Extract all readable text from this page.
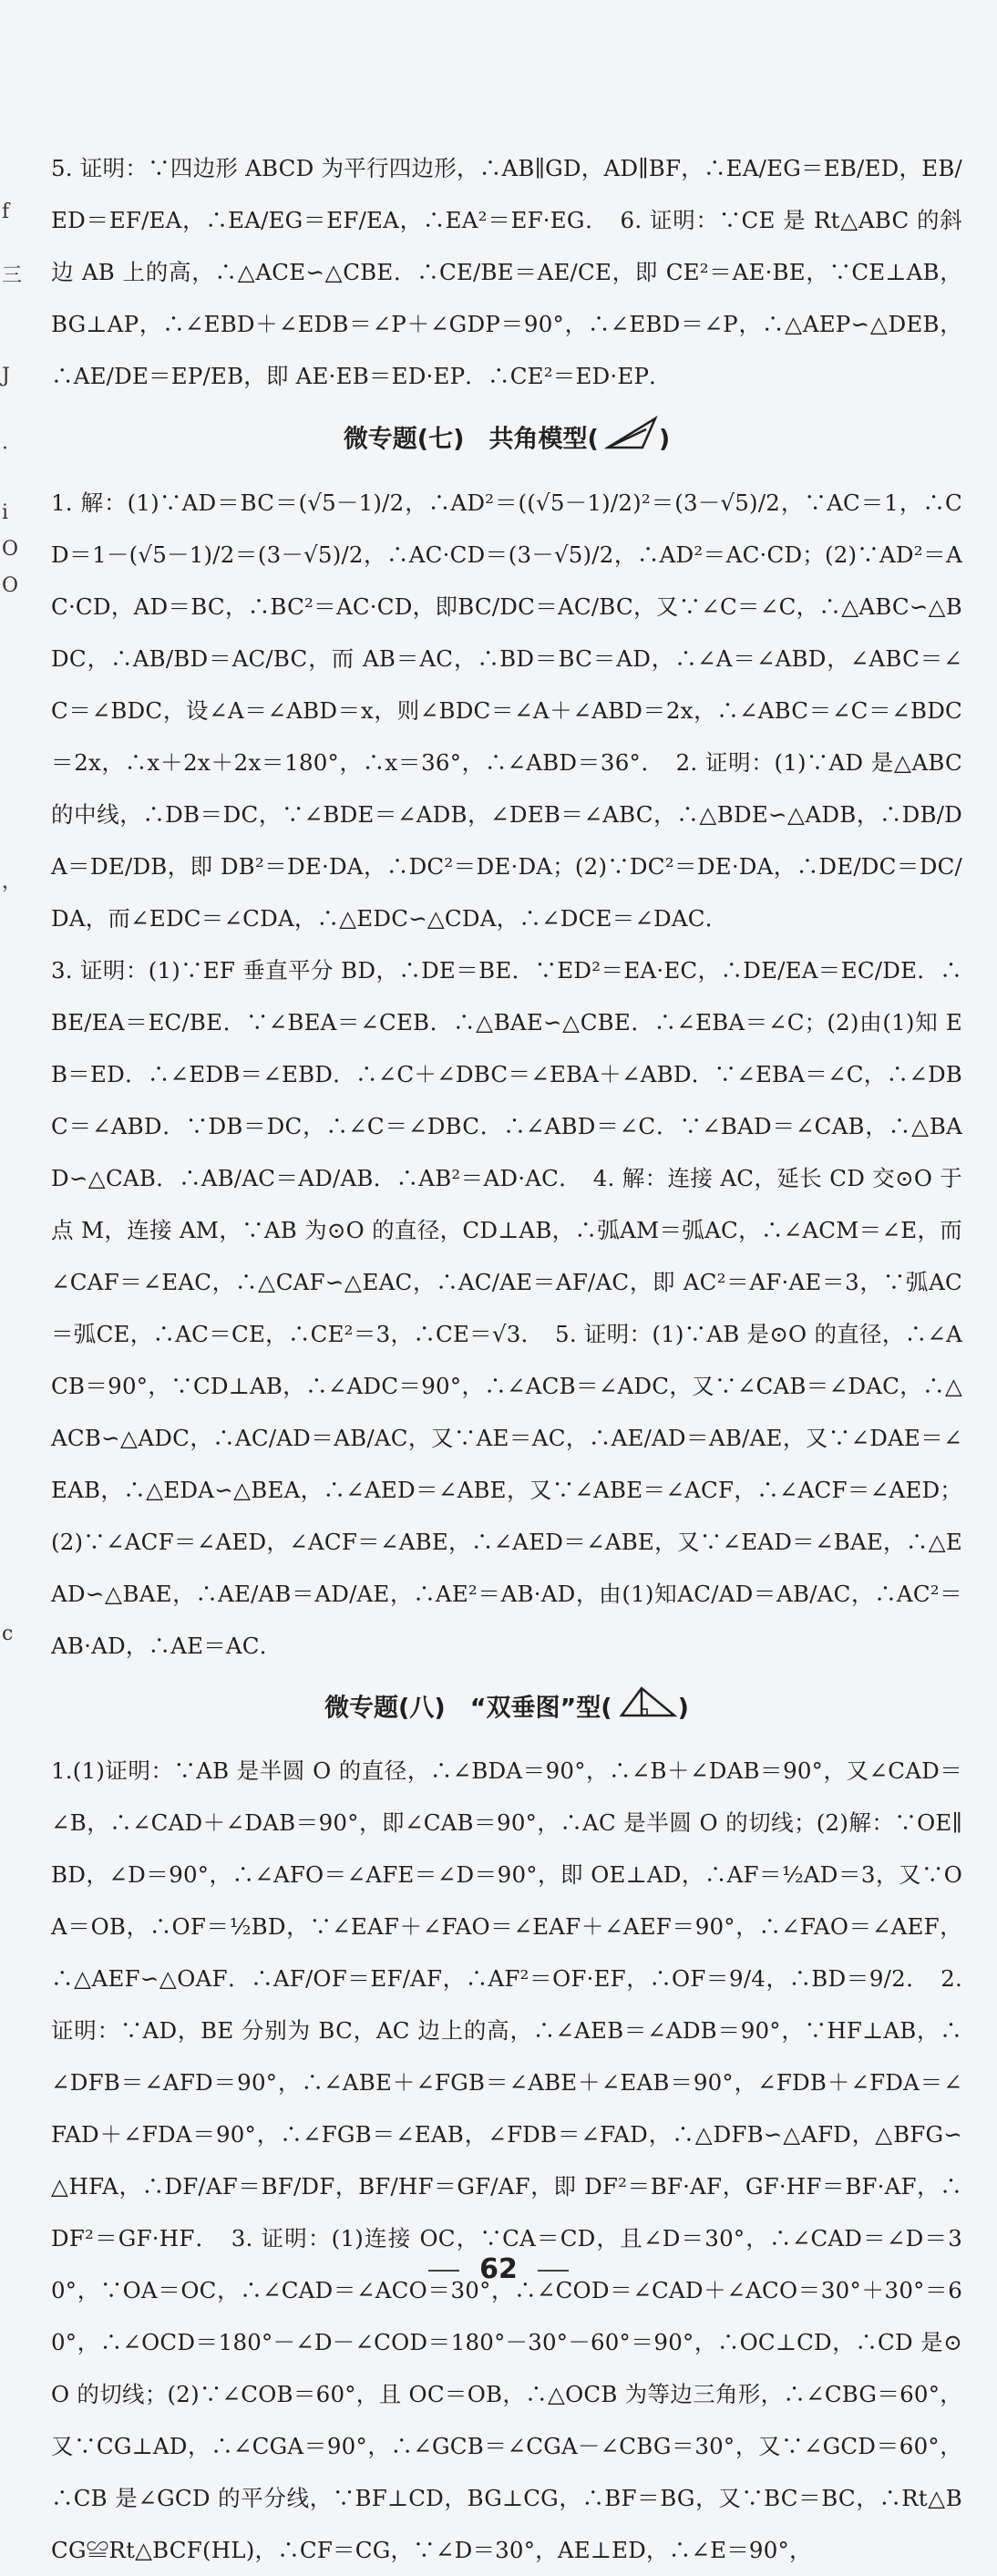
f
三
J
·
i
O
O
，
c

5. 证明：∵四边形 ABCD 为平行四边形，∴AB∥GD，AD∥BF，∴EA/EG＝EB/ED，EB/ED＝EF/EA，∴EA/EG＝EF/EA，∴EA²＝EF·EG．　6. 证明：∵CE 是 Rt△ABC 的斜边 AB 上的高，∴△ACE∽△CBE．∴CE/BE＝AE/CE，即 CE²＝AE·BE，∵CE⊥AB，BG⊥AP，∴∠EBD＋∠EDB＝∠P＋∠GDP＝90°，∴∠EBD＝∠P，∴△AEP∽△DEB，∴AE/DE＝EP/EB，即 AE·EB＝ED·EP．∴CE²＝ED·EP．

微专题(七)　共角模型( )

1. 解：(1)∵AD＝BC＝(√5－1)/2，∴AD²＝((√5－1)/2)²＝(3－√5)/2，∵AC＝1，∴CD＝1－(√5－1)/2＝(3－√5)/2，∴AC·CD＝(3－√5)/2，∴AD²＝AC·CD；(2)∵AD²＝AC·CD，AD＝BC，∴BC²＝AC·CD，即BC/DC＝AC/BC，又∵∠C＝∠C，∴△ABC∽△BDC，∴AB/BD＝AC/BC，而 AB＝AC，∴BD＝BC＝AD，∴∠A＝∠ABD，∠ABC＝∠C＝∠BDC，设∠A＝∠ABD＝x，则∠BDC＝∠A＋∠ABD＝2x，∴∠ABC＝∠C＝∠BDC＝2x，∴x＋2x＋2x＝180°，∴x＝36°，∴∠ABD＝36°．　2. 证明：(1)∵AD 是△ABC 的中线，∴DB＝DC，∵∠BDE＝∠ADB，∠DEB＝∠ABC，∴△BDE∽△ADB，∴DB/DA＝DE/DB，即 DB²＝DE·DA，∴DC²＝DE·DA；(2)∵DC²＝DE·DA，∴DE/DC＝DC/DA，而∠EDC＝∠CDA，∴△EDC∽△CDA，∴∠DCE＝∠DAC．

3. 证明：(1)∵EF 垂直平分 BD，∴DE＝BE．∵ED²＝EA·EC，∴DE/EA＝EC/DE．∴BE/EA＝EC/BE．∵∠BEA＝∠CEB．∴△BAE∽△CBE．∴∠EBA＝∠C；(2)由(1)知 EB＝ED．∴∠EDB＝∠EBD．∴∠C＋∠DBC＝∠EBA＋∠ABD．∵∠EBA＝∠C，∴∠DBC＝∠ABD．∵DB＝DC，∴∠C＝∠DBC．∴∠ABD＝∠C．∵∠BAD＝∠CAB，∴△BAD∽△CAB．∴AB/AC＝AD/AB．∴AB²＝AD·AC．　4. 解：连接 AC，延长 CD 交⊙O 于点 M，连接 AM，∵AB 为⊙O 的直径，CD⊥AB，∴弧AM＝弧AC，∴∠ACM＝∠E，而∠CAF＝∠EAC，∴△CAF∽△EAC，∴AC/AE＝AF/AC，即 AC²＝AF·AE＝3，∵弧AC＝弧CE，∴AC＝CE，∴CE²＝3，∴CE＝√3．　5. 证明：(1)∵AB 是⊙O 的直径，∴∠ACB＝90°，∵CD⊥AB，∴∠ADC＝90°，∴∠ACB＝∠ADC，又∵∠CAB＝∠DAC，∴△ACB∽△ADC，∴AC/AD＝AB/AC，又∵AE＝AC，∴AE/AD＝AB/AE，又∵∠DAE＝∠EAB，∴△EDA∽△BEA，∴∠AED＝∠ABE，又∵∠ABE＝∠ACF，∴∠ACF＝∠AED；(2)∵∠ACF＝∠AED，∠ACF＝∠ABE，∴∠AED＝∠ABE，又∵∠EAD＝∠BAE，∴△EAD∽△BAE，∴AE/AB＝AD/AE，∴AE²＝AB·AD，由(1)知AC/AD＝AB/AC，∴AC²＝AB·AD，∴AE＝AC．

微专题(八)　“双垂图”型(	)

1.(1)证明：∵AB 是半圆 O 的直径，∴∠BDA＝90°，∴∠B＋∠DAB＝90°，又∠CAD＝∠B，∴∠CAD＋∠DAB＝90°，即∠CAB＝90°，∴AC 是半圆 O 的切线；(2)解：∵OE∥BD，∠D＝90°，∴∠AFO＝∠AFE＝∠D＝90°，即 OE⊥AD，∴AF＝½AD＝3，又∵OA＝OB，∴OF＝½BD，∵∠EAF＋∠FAO＝∠EAF＋∠AEF＝90°，∴∠FAO＝∠AEF，∴△AEF∽△OAF．∴AF/OF＝EF/AF，∴AF²＝OF·EF，∴OF＝9/4，∴BD＝9/2．　2. 证明：∵AD，BE 分别为 BC，AC 边上的高，∴∠AEB＝∠ADB＝90°，∵HF⊥AB，∴∠DFB＝∠AFD＝90°，∴∠ABE＋∠FGB＝∠ABE＋∠EAB＝90°，∠FDB＋∠FDA＝∠FAD＋∠FDA＝90°，∴∠FGB＝∠EAB，∠FDB＝∠FAD，∴△DFB∽△AFD，△BFG∽△HFA，∴DF/AF＝BF/DF，BF/HF＝GF/AF，即 DF²＝BF·AF，GF·HF＝BF·AF，∴DF²＝GF·HF．　3. 证明：(1)连接 OC，∵CA＝CD，且∠D＝30°，∴∠CAD＝∠D＝30°，∵OA＝OC，∴∠CAD＝∠ACO＝30°，∴∠COD＝∠CAD＋∠ACO＝30°＋30°＝60°，∴∠OCD＝180°－∠D－∠COD＝180°－30°－60°＝90°，∴OC⊥CD，∴CD 是⊙O 的切线；(2)∵∠COB＝60°，且 OC＝OB，∴△OCB 为等边三角形，∴∠CBG＝60°，又∵CG⊥AD，∴∠CGA＝90°，∴∠GCB＝∠CGA－∠CBG＝30°，又∵∠GCD＝60°，∴CB 是∠GCD 的平分线，∵BF⊥CD，BG⊥CG，∴BF＝BG，又∵BC＝BC，∴Rt△BCG≌Rt△BCF(HL)，∴CF＝CG，∵∠D＝30°，AE⊥ED，∴∠E＝90°，

62
